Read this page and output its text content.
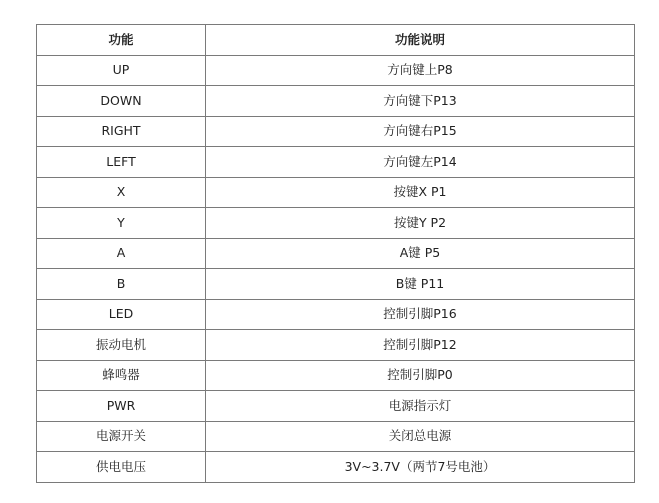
功能	功能说明
UP	方向键上P8
DOWN	方向键下P13
RIGHT	方向键右P15
LEFT	方向键左P14
X	按键X P1
Y	按键Y P2
A	A键 P5
B	B键 P11
LED	控制引脚P16
振动电机	控制引脚P12
蜂鸣器	控制引脚P0
PWR	电源指示灯
电源开关	关闭总电源
供电电压	3V~3.7V（两节7号电池）
